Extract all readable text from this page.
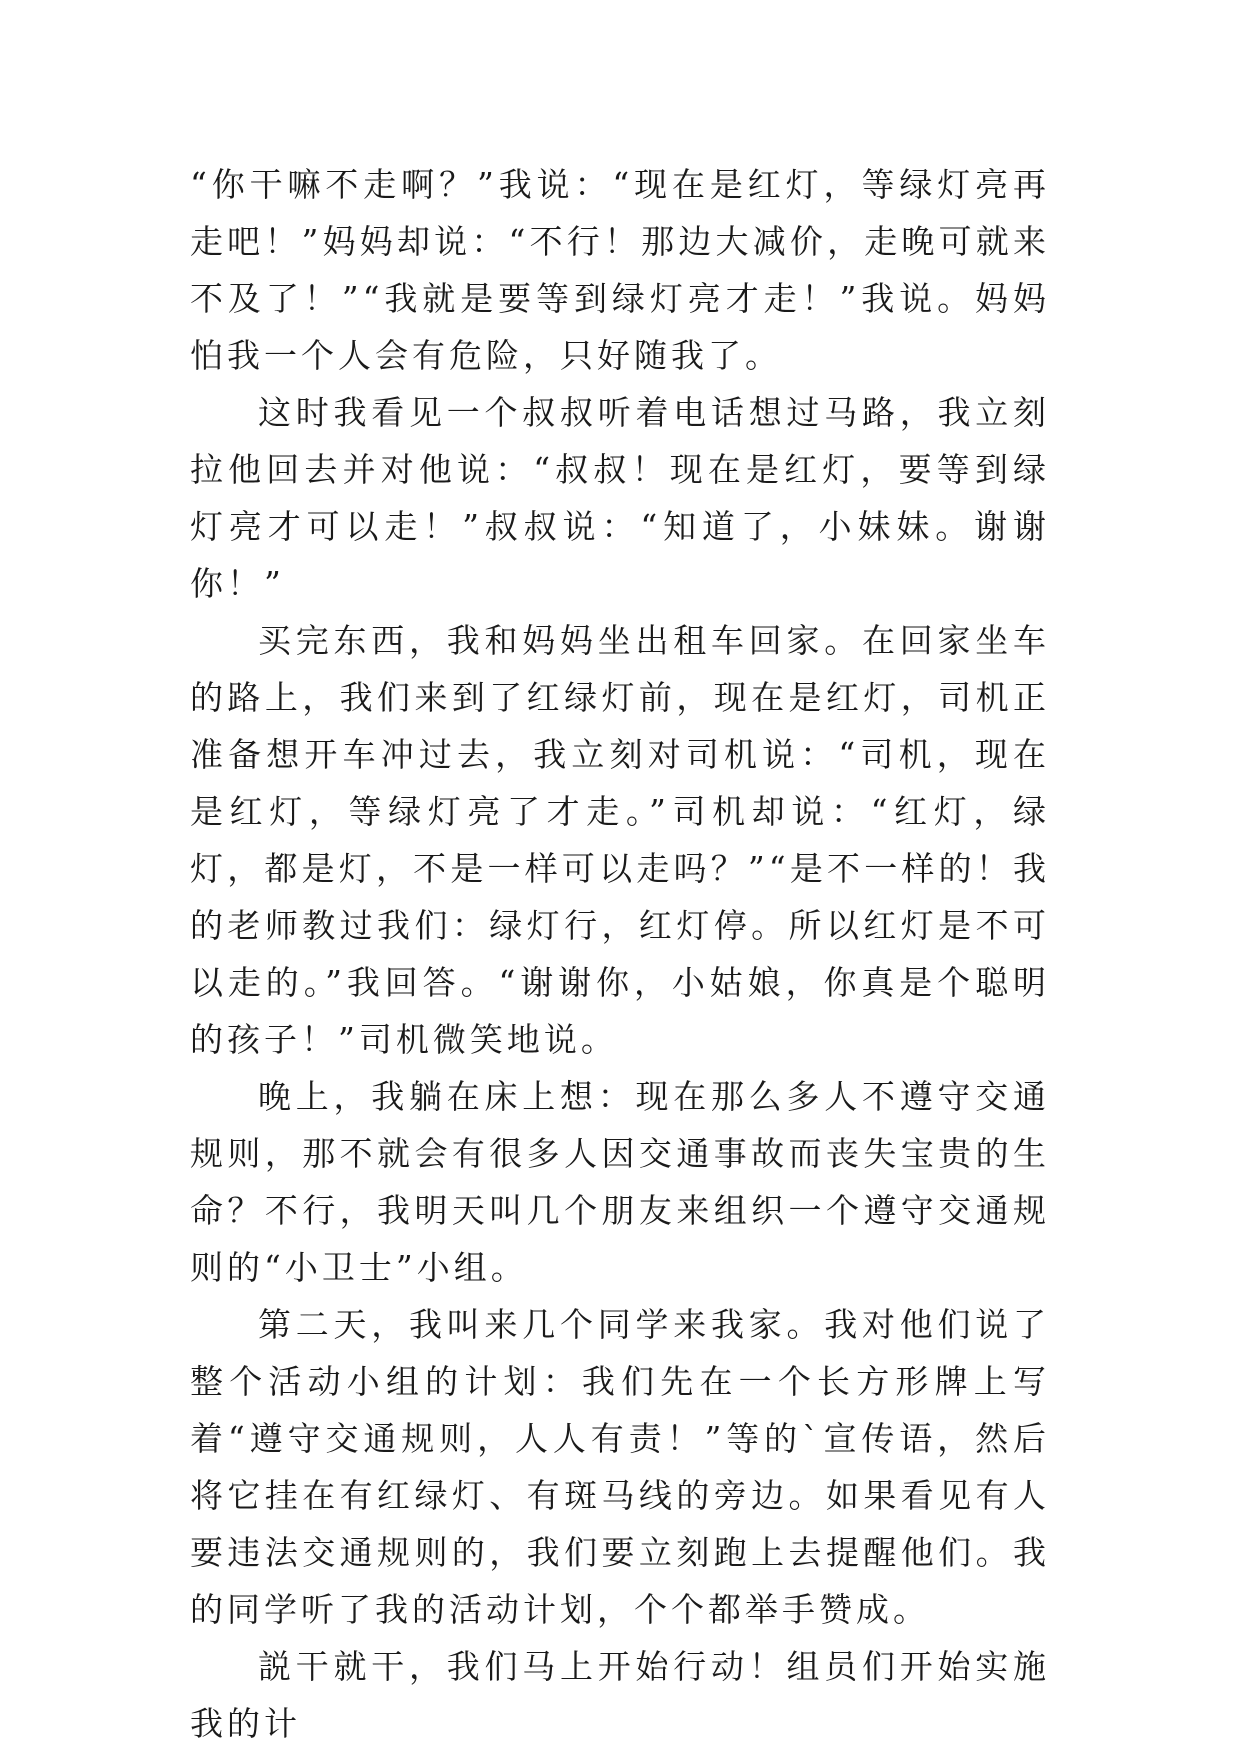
“你干嘛不走啊？”我说：“现在是红灯，等绿灯亮再走吧！”妈妈却说：“不行！那边大减价，走晚可就来不及了！”“我就是要等到绿灯亮才走！”我说。妈妈怕我一个人会有危险，只好随我了。

这时我看见一个叔叔听着电话想过马路，我立刻拉他回去并对他说：“叔叔！现在是红灯，要等到绿灯亮才可以走！”叔叔说：“知道了，小妹妹。谢谢你！”

买完东西，我和妈妈坐出租车回家。在回家坐车的路上，我们来到了红绿灯前，现在是红灯，司机正准备想开车冲过去，我立刻对司机说：“司机，现在是红灯，等绿灯亮了才走。”司机却说：“红灯，绿灯，都是灯，不是一样可以走吗？”“是不一样的！我的老师教过我们：绿灯行，红灯停。所以红灯是不可以走的。”我回答。“谢谢你，小姑娘，你真是个聪明的孩子！”司机微笑地说。

晚上，我躺在床上想：现在那么多人不遵守交通规则，那不就会有很多人因交通事故而丧失宝贵的生命？不行，我明天叫几个朋友来组织一个遵守交通规则的“小卫士”小组。

第二天，我叫来几个同学来我家。我对他们说了整个活动小组的计划：我们先在一个长方形牌上写着“遵守交通规则，人人有责！”等的`宣传语，然后将它挂在有红绿灯、有斑马线的旁边。如果看见有人要违法交通规则的，我们要立刻跑上去提醒他们。我的同学听了我的活动计划，个个都举手赞成。

説干就干，我们马上开始行动！组员们开始实施我的计
